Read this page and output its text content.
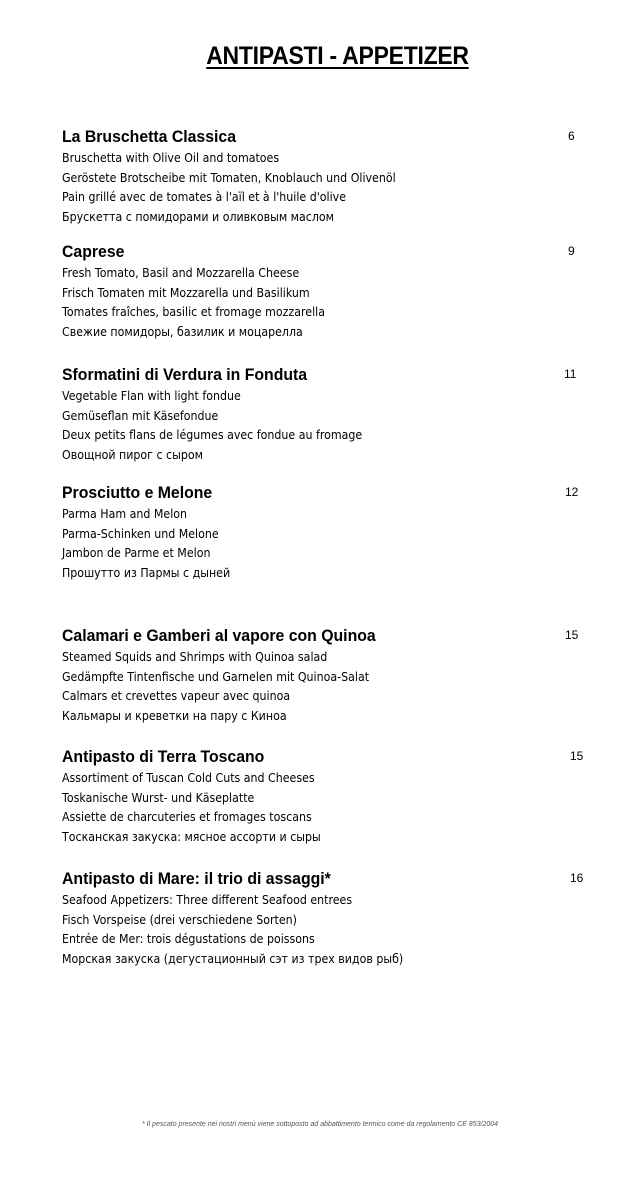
ANTIPASTI - APPETIZER
La Bruschetta Classica	6
Bruschetta with Olive Oil and tomatoes
Geröstete Brotscheibe mit Tomaten, Knoblauch und Olivenöl
Pain grillé avec de tomates à l'aïl et à l'huile d'olive
Брускетта с помидорами и оливковым маслом
Caprese	9
Fresh Tomato, Basil and Mozzarella Cheese
Frisch Tomaten mit Mozzarella und Basilikum
Tomates fraîches, basilic et fromage mozzarella
Свежие помидоры, базилик и моцарелла
Sformatini di Verdura in Fonduta	11
Vegetable Flan with light fondue
Gemüseflan mit Käsefondue
Deux petits flans de légumes avec fondue au fromage
Овощной пирог с сыром
Prosciutto e Melone	12
Parma Ham and Melon
Parma-Schinken und Melone
Jambon de Parme et Melon
Прошутто из Пармы с дыней
Calamari e Gamberi al vapore con Quinoa	15
Steamed Squids and Shrimps with Quinoa salad
Gedämpfte Tintenfische und Garnelen mit Quinoa-Salat
Calmars et crevettes vapeur avec quinoa
Кальмары и креветки на пару с Киноа
Antipasto di Terra Toscano	15
Assortiment of Tuscan Cold Cuts and Cheeses
Toskanische Wurst- und Käseplatte
Assiette de charcuteries et fromages toscans
Тосканская закуска: мясное ассорти и сыры
Antipasto di Mare: il trio di assaggi*	16
Seafood Appetizers: Three different Seafood entrees
Fisch Vorspeise (drei verschiedene Sorten)
Entrée de Mer: trois dégustations de poissons
Морская закуска (дегустационный сэт из трех видов рыб)
* Il pescato presente nei nostri menù viene sottoposto ad abbattimento termico come da regolamento CE 853/2004
